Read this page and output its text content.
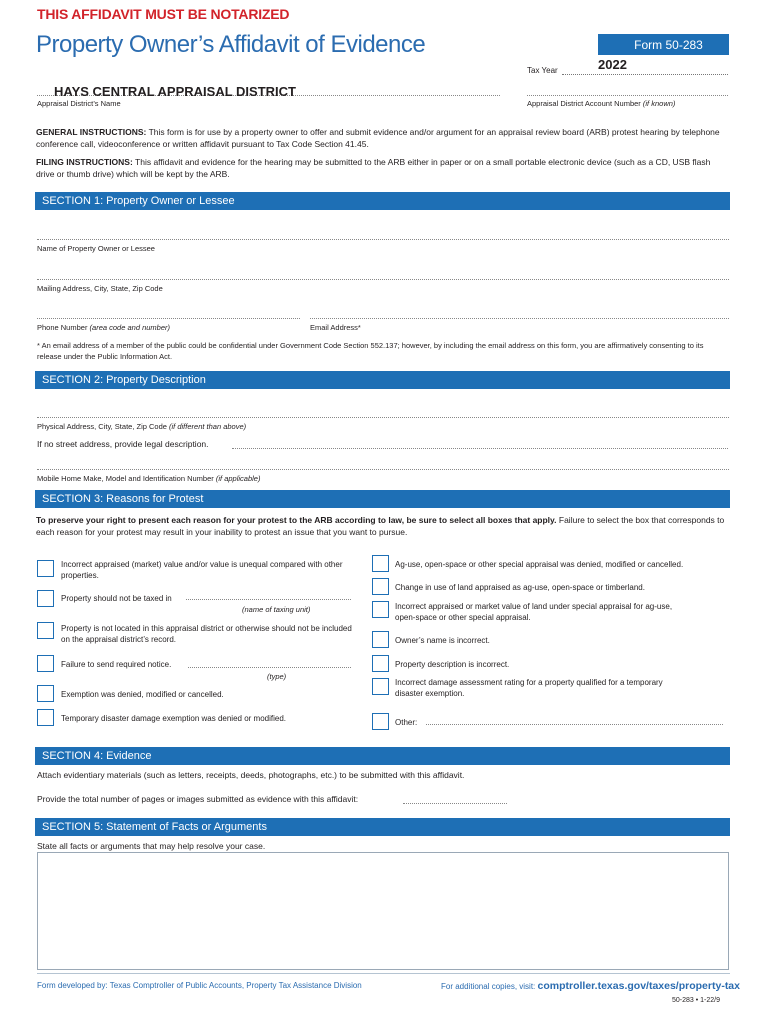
THIS AFFIDAVIT MUST BE NOTARIZED
Property Owner’s Affidavit of Evidence	Form 50-283
Tax Year	2022
HAYS CENTRAL APPRAISAL DISTRICT
Appraisal District’s Name	Appraisal District Account Number (if known)
GENERAL INSTRUCTIONS: This form is for use by a property owner to offer and submit evidence and/or argument for an appraisal review board (ARB) protest hearing by telephone conference call, videoconference or written affidavit pursuant to Tax Code Section 41.45.
FILING INSTRUCTIONS: This affidavit and evidence for the hearing may be submitted to the ARB either in paper or on a small portable electronic device (such as a CD, USB flash drive or thumb drive) which will be kept by the ARB.
SECTION 1: Property Owner or Lessee
Name of Property Owner or Lessee
Mailing Address, City, State, Zip Code
Phone Number (area code and number)	Email Address*
* An email address of a member of the public could be confidential under Government Code Section 552.137; however, by including the email address on this form, you are affirmatively consenting to its release under the Public Information Act.
SECTION 2: Property Description
Physical Address, City, State, Zip Code (if different than above)
If no street address, provide legal description.
Mobile Home Make, Model and Identification Number (if applicable)
SECTION 3: Reasons for Protest
To preserve your right to present each reason for your protest to the ARB according to law, be sure to select all boxes that apply. Failure to select the box that corresponds to each reason for your protest may result in your inability to protest an issue that you want to pursue.
Incorrect appraised (market) value and/or value is unequal compared with other properties.
Property should not be taxed in
(name of taxing unit)
Property is not located in this appraisal district or otherwise should not be included on the appraisal district’s record.
Failure to send required notice.
(type)
Exemption was denied, modified or cancelled.
Temporary disaster damage exemption was denied or modified.
Ag-use, open-space or other special appraisal was denied, modified or cancelled.
Change in use of land appraised as ag-use, open-space or timberland.
Incorrect appraised or market value of land under special appraisal for ag-use, open-space or other special appraisal.
Owner’s name is incorrect.
Property description is incorrect.
Incorrect damage assessment rating for a property qualified for a temporary disaster exemption.
Other:
SECTION 4: Evidence
Attach evidentiary materials (such as letters, receipts, deeds, photographs, etc.) to be submitted with this affidavit.
Provide the total number of pages or images submitted as evidence with this affidavit:
SECTION 5: Statement of Facts or Arguments
State all facts or arguments that may help resolve your case.
Form developed by: Texas Comptroller of Public Accounts, Property Tax Assistance Division	For additional copies, visit: comptroller.texas.gov/taxes/property-tax
50-283 • 1-22/9
